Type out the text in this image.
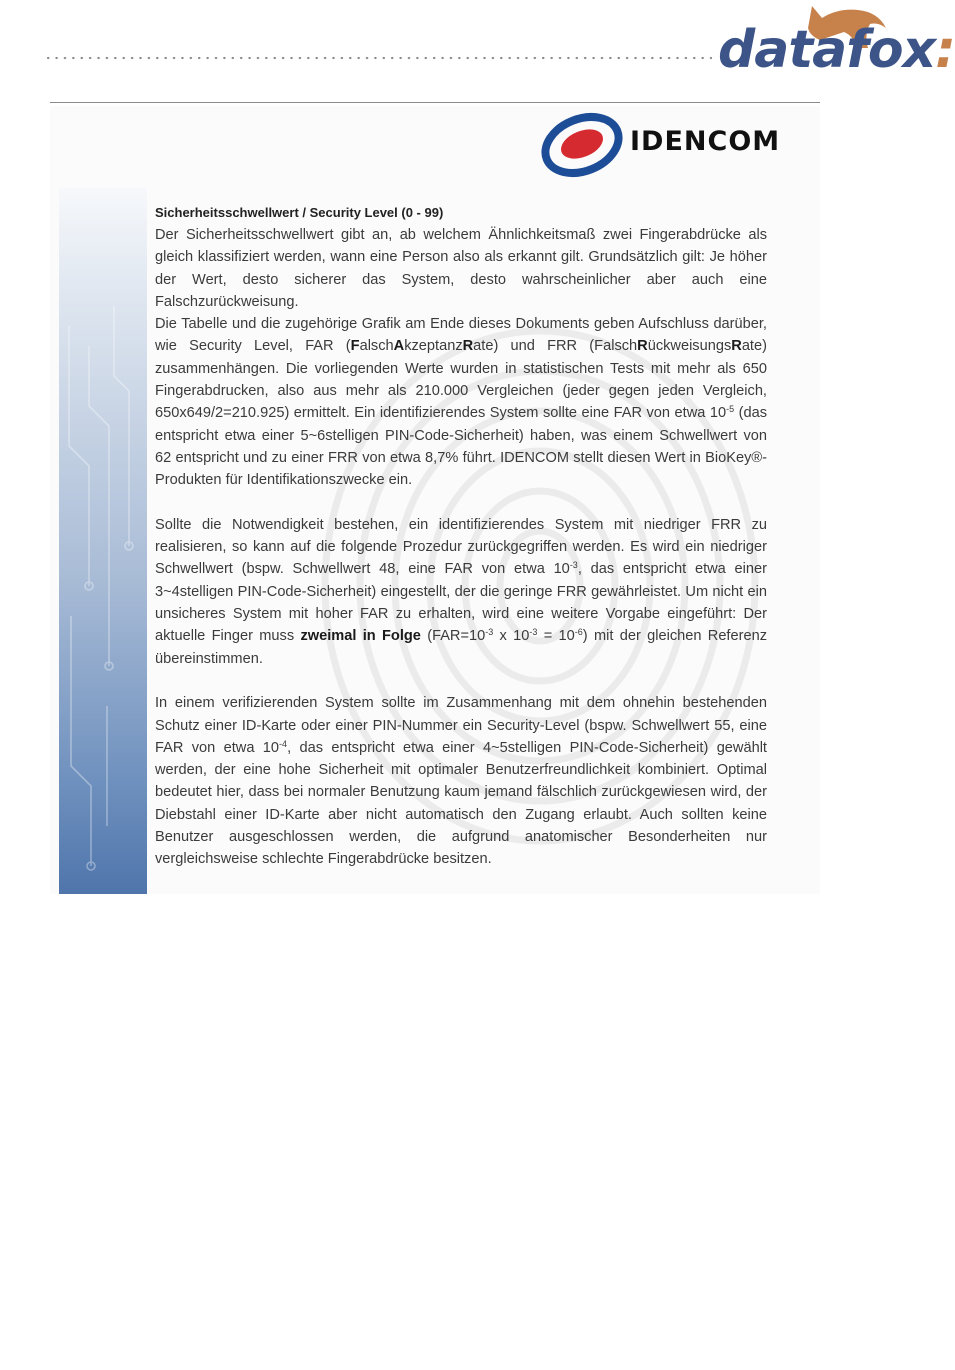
datafox:
IDENCOM
Sicherheitsschwellwert / Security Level (0 - 99)

Der Sicherheitsschwellwert gibt an, ab welchem Ähnlichkeitsmaß zwei Fingerabdrücke als gleich klassifiziert werden, wann eine Person also als erkannt gilt. Grundsätzlich gilt: Je höher der Wert, desto sicherer das System, desto wahrscheinlicher aber auch eine Falschzurückweisung.

Die Tabelle und die zugehörige Grafik am Ende dieses Dokuments geben Aufschluss darüber, wie Security Level, FAR (FalschAkzeptanzRate) und FRR (FalschRückweisungsRate) zusammenhängen. Die vorliegenden Werte wurden in statistischen Tests mit mehr als 650 Fingerabdrucken, also aus mehr als 210.000 Vergleichen (jeder gegen jeden Vergleich, 650x649/2=210.925) ermittelt. Ein identifizierendes System sollte eine FAR von etwa $10^{-5}$ (das entspricht etwa einer 5~6stelligen PIN-Code-Sicherheit) haben, was einem Schwellwert von 62 entspricht und zu einer FRR von etwa 8,7% führt. IDENCOM stellt diesen Wert in BioKey®-Produkten für Identifikationszwecke ein.

Sollte die Notwendigkeit bestehen, ein identifizierendes System mit niedriger FRR zu realisieren, so kann auf die folgende Prozedur zurückgegriffen werden. Es wird ein niedriger Schwellwert (bspw. Schwellwert 48, eine FAR von etwa $10^{-3}$, das entspricht etwa einer 3~4stelligen PIN-Code-Sicherheit) eingestellt, der die geringe FRR gewährleistet. Um nicht ein unsicheres System mit hoher FAR zu erhalten, wird eine weitere Vorgabe eingeführt: Der aktuelle Finger muss zweimal in Folge ($FAR=10^{-3}$ x $10^{-3} = 10^{-6}$) mit der gleichen Referenz übereinstimmen.

In einem verifizierenden System sollte im Zusammenhang mit dem ohnehin bestehenden Schutz einer ID-Karte oder einer PIN-Nummer ein Security-Level (bspw. Schwellwert 55, eine FAR von etwa $10^{-4}$, das entspricht etwa einer 4~5stelligen PIN-Code-Sicherheit) gewählt werden, der eine hohe Sicherheit mit optimaler Benutzerfreundlichkeit kombiniert. Optimal bedeutet hier, dass bei normaler Benutzung kaum jemand fälschlich zurückgewiesen wird, der Diebstahl einer ID-Karte aber nicht automatisch den Zugang erlaubt. Auch sollten keine Benutzer ausgeschlossen werden, die aufgrund anatomischer Besonderheiten nur vergleichsweise schlechte Fingerabdrücke besitzen.
